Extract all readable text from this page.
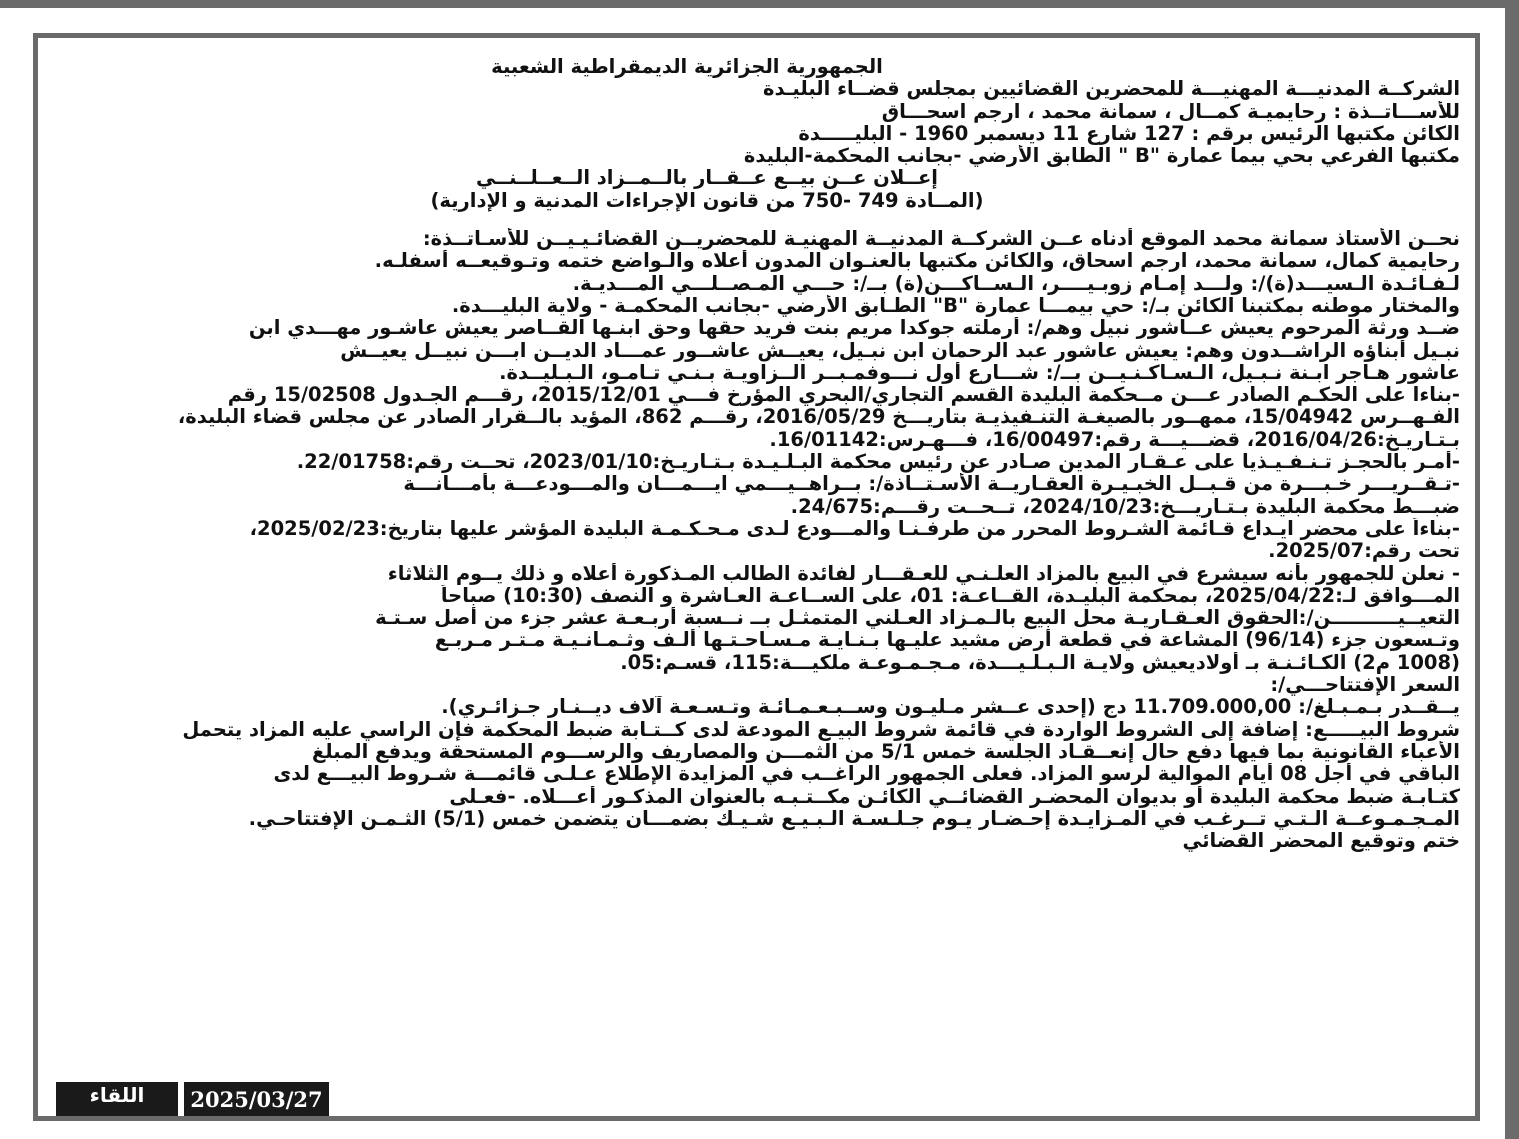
الجمهورية الجزائرية الديمقراطية الشعبية
الشركــة المدنيـــة المهنيـــة للمحضرين القضائيين بمجلس قضــاء البليـدة
للأســـاتــذة : رحايميـة كمــال ، سمانة محمد ، ارجم اسحـــاق
الكائن مكتبها الرئيس برقم : 127 شارع 11 ديسمبر 1960 - البليـــــدة
مكتبها الفرعي بحي بيما عمارة "B " الطابق الأرضي -بجانب المحكمة-البليدة
إعــلان عــن بيــع عــقــار بالــمــزاد الــعــلــنــي
(المــادة 749 -750 من قانون الإجراءات المدنية و الإدارية)
نحــن الأستاذ سمانة محمد الموقع أدناه عــن الشركــة المدنيــة المهنيـة للمحضريــن القضائـيـيــن للأسـاتــذة:
رحايمية كمال، سمانة محمد، ارجم اسحاق، والكائن مكتبها بالعنـوان المدون أعلاه والـواضع ختمه وتـوقيعــه أسفلـه.
لـفـائـدة الـسيـــد(ة)/: ولـــد إمـام زوبـيــــر، الـســاكـــن(ة) بــ/: حـــي المـصــلـــي المـــديـة.
والمختار موطنه بمكتبنا الكائن بـ/: حي بيمـــا عمارة "B" الطـابق الأرضي -بجانب المحكمـة - ولاية البليـــدة.
ضــد ورثة المرحوم يعيش عــاشور نبيل وهم/: أرملته جوكدا مريم بنت فريد حقها وحق ابنـها القــاصر يعيش عاشـور مهـــدي ابن
نبـيل أبناؤه الراشــدون وهم: يعيش عاشور عبد الرحمان ابن نبـيل، يعيــش عاشــور عمـــاد الديــن ابـــن نبيــل يعيــش
عاشور هـاجر ابـنة نـبـيل، الـسـاكـنـيــن بــ/: شـــارع أول نـــوفمـبــر الــزاويـة بـنـي تـامـو، الـبـليــدة.
-بناءا على الحكـم الصادر عـــن مــحكمة البليدة القسم التجاري/البحري المؤرخ فـــي 2015/12/01، رقـــم الجـدول 15/02508 رقم
الفـهــرس 15/04942، ممهــور بالصيغـة التنـفيذيـة بتاريـــخ 2016/05/29، رقـــم 862، المؤيد بالــقرار الصادر عن مجلس قضاء البليدة،
بـتـاريـخ:2016/04/26، قضـــيـــة رقم:16/00497، فـــهـرس:16/01142.
-أمـر بالحجـز تـنـفـيـذيا على عـقـار المدين صـادر عن رئيس محكمة البـلـيـدة بـتـاريـخ:2023/01/10، تحــت رقم:22/01758.
-تـقــريـــر خـبـــرة من قـبــل الخبـيـرة العقـاريــة الأسـتــاذة/: بــراهــيـــمي ايـــمـــان والمـــودعـــة بأمـــانـــة
ضبـــط محكمة البليدة بـتـاريـــخ:2024/10/23، تــحــت رقـــم:24/675.
-بناءاً على محضر ايـداع قـائمة الشـروط المحرر من طرفـنـا والمـــودع لـدى مـحـكـمـة البليدة المؤشر عليها بتاريخ:2025/02/23،
تحت رقم:2025/07.
- نعلن للجمهور بأنه سيشرع في البيع بالمزاد العلـنـي للعـقـــار لفائدة الطالب المـذكورة أعلاه و ذلك يــوم الثلاثاء
المـــوافق لـ:2025/04/22، بمحكمة البليـدة، القــاعـة: 01، على الســاعـة العـاشرة و النصف (10:30) صباحاً
التعيــيــــــــــن/:الحقوق العـقـاريـة محل البيع بالـمـزاد العـلني المتمثـل بــ نــسبة أربـعـة عشر جزء من أصل سـتـة
وتـسعون جزء (96/14) المشاعة في قطعة أرض مشيد عليـها بـنـايـة مـسـاحـتـها ألـف وثـمـانـيـة مـتـر مـربـع
(1008 م2) الكـائـنـة بـ أولاديعيش ولايـة الـبـلـيـــدة، مـجـمـوعـة ملكيـــة:115، قسـم:05.
السعر الإفتتاحـــي/:
يــقــدر بـمـبـلغ/: 11.709.000,00 دج (إحدى عــشر مـليـون وســبـعـمـائـة وتـسـعـة آلاف ديــنـار جـزائـري).
شروط البيـــــع: إضافة إلى الشروط الواردة في قائمة شروط البيـع المودعة لدى كــتـابة ضبط المحكمة فإن الراسي عليه المزاد يتحمل
الأعباء القانونية بما فيها دفع حال إنعــقـاد الجلسة خمس 5/1 من الثمـــن والمصاريف والرســـوم المستحقة ويدفع المبلغ
الباقي في أجل 08 أيام الموالية لرسو المزاد. فعلى الجمهور الراغــب في المزايدة الإطلاع عـلـى قائمـــة شـروط البيـــع لدى
كتـابـة ضبط محكمة البليدة أو بديوان المحضـر القضائــي الكائـن مكــتـبـه بالعنوان المذكـور أعـــلاه. -فعـلى
المـجـمـوعــة الـتـي تــرغـب في المـزايـدة إحـضـار يـوم جـلـسـة الـبـيـع شـيـك بضمـــان يتضمن خمس (5/1) الثـمـن الإفتتاحـي.
ختم وتوقيع المحضر القضائي
اللقاء	2025/03/27
